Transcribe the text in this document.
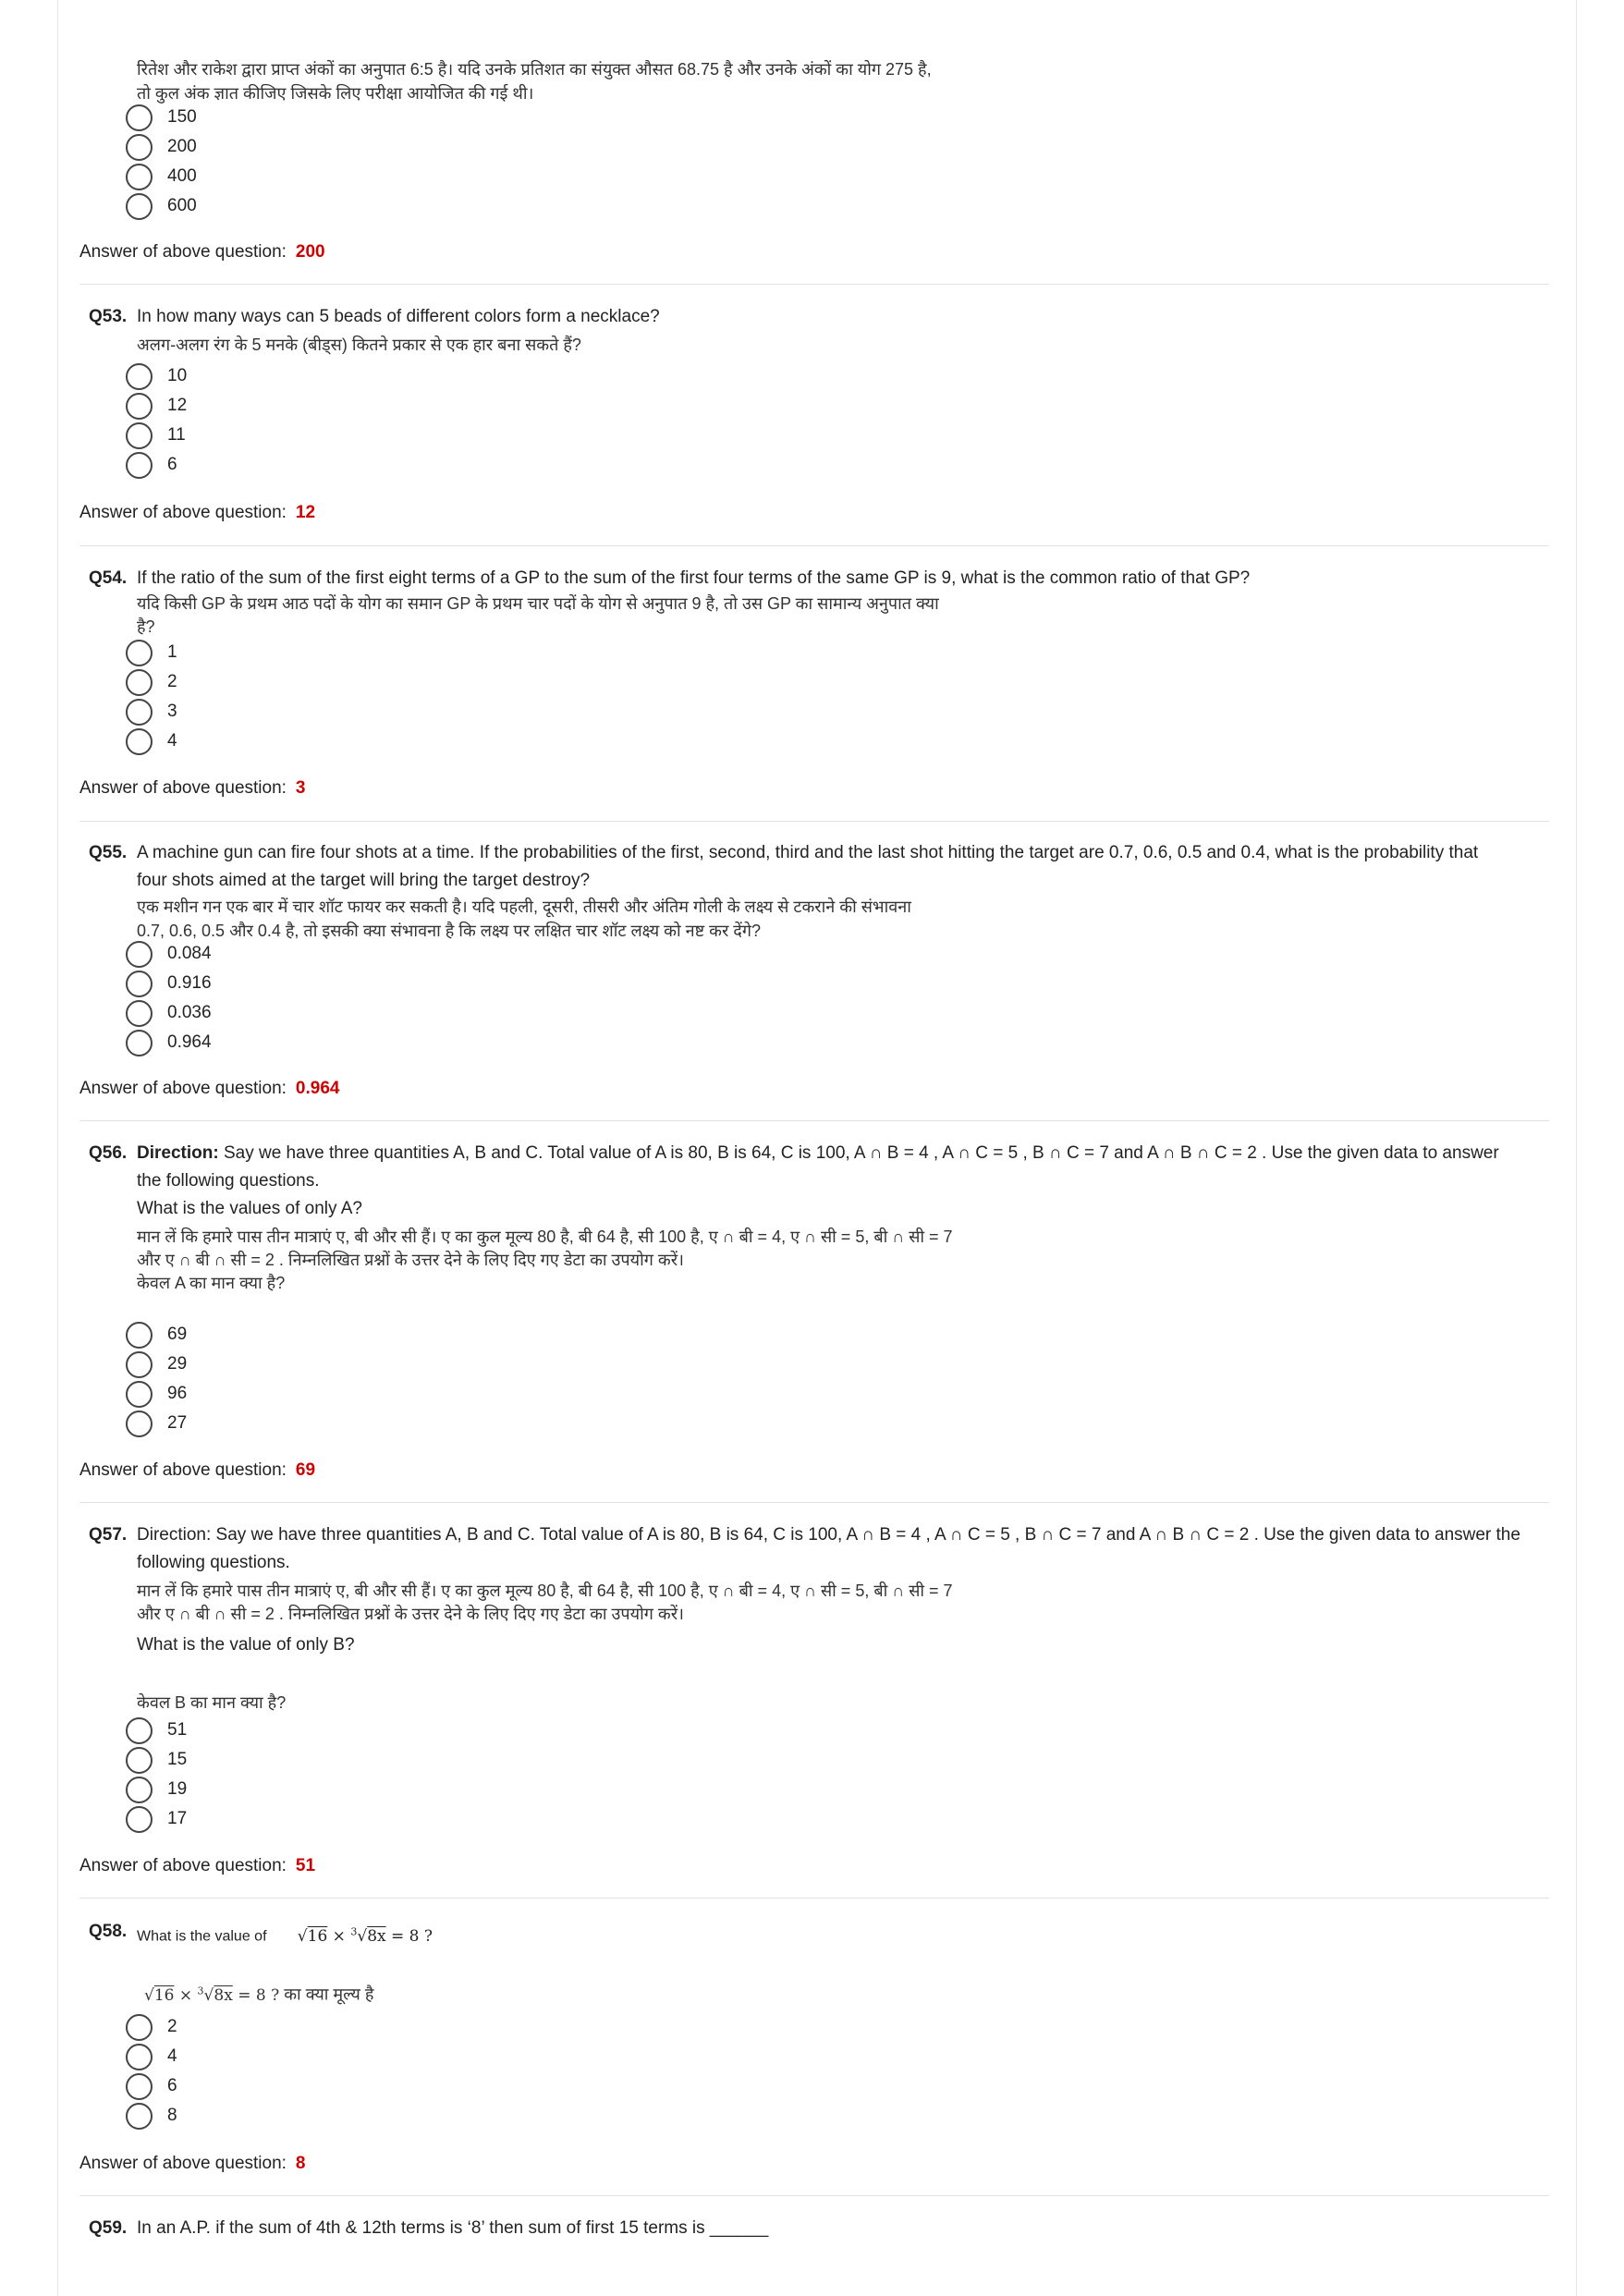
रितेश और राकेश द्वारा प्राप्त अंकों का अनुपात 6:5 है। यदि उनके प्रतिशत का संयुक्त औसत 68.75 है और उनके अंकों का योग 275 है,
तो कुल अंक ज्ञात कीजिए जिसके लिए परीक्षा आयोजित की गई थी।
150
200
400
600
Answer of above question: 200
Q53. In how many ways can 5 beads of different colors form a necklace?
अलग-अलग रंग के 5 मनके (बीड्स) कितने प्रकार से एक हार बना सकते हैं?
10
12
11
6
Answer of above question: 12
Q54. If the ratio of the sum of the first eight terms of a GP to the sum of the first four terms of the same GP is 9, what is the common ratio of that GP?
यदि किसी GP के प्रथम आठ पदों के योग का समान GP के प्रथम चार पदों के योग से अनुपात 9 है, तो उस GP का सामान्य अनुपात क्या
है?
1
2
3
4
Answer of above question: 3
Q55. A machine gun can fire four shots at a time. If the probabilities of the first, second, third and the last shot hitting the target are 0.7, 0.6, 0.5 and 0.4, what is the probability that
four shots aimed at the target will bring the target destroy?
एक मशीन गन एक बार में चार शॉट फायर कर सकती है। यदि पहली, दूसरी, तीसरी और अंतिम गोली के लक्ष्य से टकराने की संभावना
0.7, 0.6, 0.5 और 0.4 है, तो इसकी क्या संभावना है कि लक्ष्य पर लक्षित चार शॉट लक्ष्य को नष्ट कर देंगे?
0.084
0.916
0.036
0.964
Answer of above question: 0.964
Q56. Direction: Say we have three quantities A, B and C. Total value of A is 80, B is 64, C is 100, A ∩ B = 4 , A ∩ C = 5 , B ∩ C = 7 and A ∩ B ∩ C = 2 . Use the given data to answer
the following questions.
What is the values of only A?
मान लें कि हमारे पास तीन मात्राएं ए, बी और सी हैं। ए का कुल मूल्य 80 है, बी 64 है, सी 100 है, ए ∩ बी = 4, ए ∩ सी = 5, बी ∩ सी = 7
और ए ∩ बी ∩ सी = 2 . निम्नलिखित प्रश्नों के उत्तर देने के लिए दिए गए डेटा का उपयोग करें।
केवल A का मान क्या है?
69
29
96
27
Answer of above question: 69
Q57. Direction: Say we have three quantities A, B and C. Total value of A is 80, B is 64, C is 100, A ∩ B = 4 , A ∩ C = 5 , B ∩ C = 7 and A ∩ B ∩ C = 2 . Use the given data to answer the
following questions.
मान लें कि हमारे पास तीन मात्राएं ए, बी और सी हैं। ए का कुल मूल्य 80 है, बी 64 है, सी 100 है, ए ∩ बी = 4, ए ∩ सी = 5, बी ∩ सी = 7
और ए ∩ बी ∩ सी = 2 . निम्नलिखित प्रश्नों के उत्तर देने के लिए दिए गए डेटा का उपयोग करें।
What is the value of only B?
केवल B का मान क्या है?
51
15
19
17
Answer of above question: 51
Q58. What is the value of √16 × $^3$√8x = 8 ?
√16 × $^3$√8x = 8 ? का क्या मूल्य है
2
4
6
8
Answer of above question: 8
Q59. In an A.P. if the sum of 4th & 12th terms is ‘8’ then sum of first 15 terms is ______
